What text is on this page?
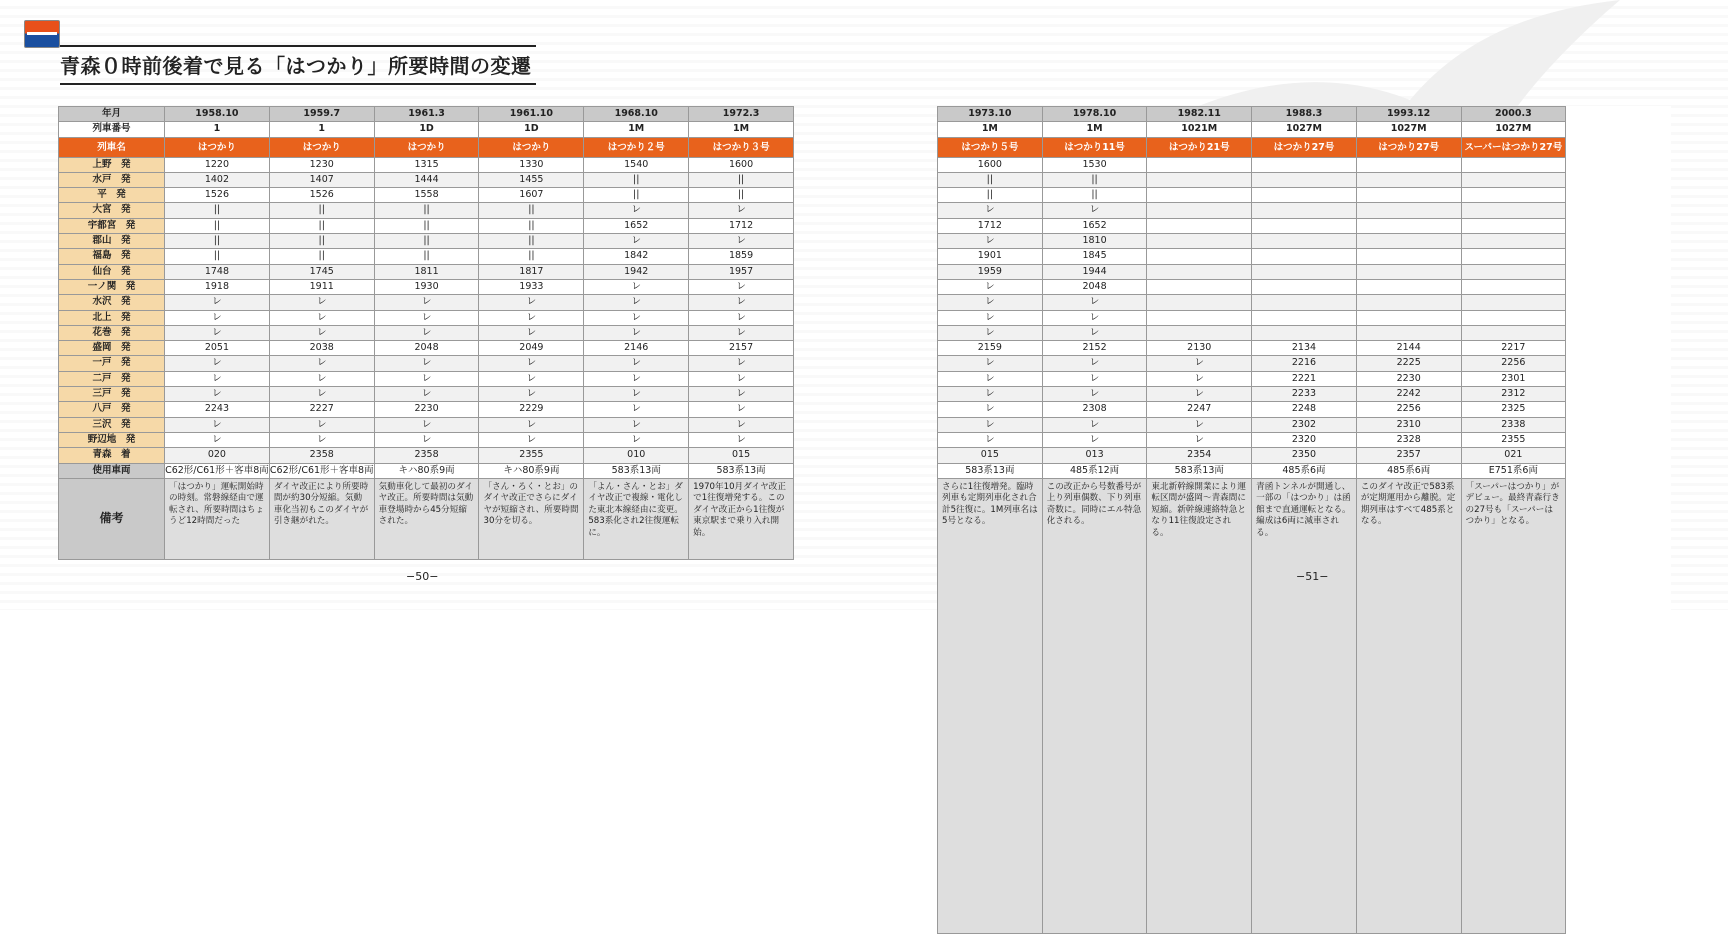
青森０時前後着で見る「はつかり」所要時間の変遷
年月	1958.10	1959.7	1961.3	1961.10	1968.10	1972.3
列車番号	1	1	1D	1D	1M	1M
列車名	はつかり	はつかり	はつかり	はつかり	はつかり２号	はつかり３号
上野　発	1220	1230	1315	1330	1540	1600
水戸　発	1402	1407	1444	1455	||	||
平　発	1526	1526	1558	1607	||	||
大宮　発	||	||	||	||	レ	レ
宇都宮　発	||	||	||	||	1652	1712
郡山　発	||	||	||	||	レ	レ
福島　発	||	||	||	||	1842	1859
仙台　発	1748	1745	1811	1817	1942	1957
一ノ関　発	1918	1911	1930	1933	レ	レ
水沢　発	レ	レ	レ	レ	レ	レ
北上　発	レ	レ	レ	レ	レ	レ
花巻　発	レ	レ	レ	レ	レ	レ
盛岡　発	2051	2038	2048	2049	2146	2157
一戸　発	レ	レ	レ	レ	レ	レ
二戸　発	レ	レ	レ	レ	レ	レ
三戸　発	レ	レ	レ	レ	レ	レ
八戸　発	2243	2227	2230	2229	レ	レ
三沢　発	レ	レ	レ	レ	レ	レ
野辺地　発	レ	レ	レ	レ	レ	レ
青森　着	020	2358	2358	2355	010	015
使用車両	C62形/C61形＋客車8両	C62形/C61形＋客車8両	キハ80系9両	キハ80系9両	583系13両	583系13両
備考	「はつかり」運転開始時の時刻。常磐線経由で運転され、所要時間はちょうど12時間だった	ダイヤ改正により所要時間が約30分短縮。気動車化当初もこのダイヤが引き継がれた。	気動車化して最初のダイヤ改正。所要時間は気動車登場時から45分短縮された。	「さん・ろく・とお」のダイヤ改正でさらにダイヤが短縮され、所要時間30分を切る。	「よん・さん・とお」ダイヤ改正で複線・電化した東北本線経由に変更。583系化され2往復運転に。	1970年10月ダイヤ改正で1往復増発する。このダイヤ改正から1往復が東京駅まで乗り入れ開始。
	1973.10	1978.10	1982.11	1988.3	1993.12	2000.3
	1M	1M	1021M	1027M	1027M	1027M
	はつかり５号	はつかり11号	はつかり21号	はつかり27号	はつかり27号	スーパーはつかり27号
	1600	1530				
	||	||				
	||	||				
	レ	レ				
	1712	1652				
	レ	1810				
	1901	1845				
	1959	1944				
	レ	2048				
	レ	レ				
	レ	レ				
	レ	レ				
	2159	2152	2130	2134	2144	2217
	レ	レ	レ	2216	2225	2256
	レ	レ	レ	2221	2230	2301
	レ	レ	レ	2233	2242	2312
	レ	2308	2247	2248	2256	2325
	レ	レ	レ	2302	2310	2338
	レ	レ	レ	2320	2328	2355
	015	013	2354	2350	2357	021
	583系13両	485系12両	583系13両	485系6両	485系6両	E751系6両
	さらに1往復増発。臨時列車も定期列車化され合計5往復に。1M列車名は5号となる。	この改正から号数番号が上り列車偶数、下り列車奇数に。同時にエル特急化される。	東北新幹線開業により運転区間が盛岡〜青森間に短縮。新幹線連絡特急となり11往復設定される。	青函トンネルが開通し、一部の「はつかり」は函館まで直通運転となる。編成は6両に減車される。	このダイヤ改正で583系が定期運用から離脱。定期列車はすべて485系となる。	「スーパーはつかり」がデビュー。最終青森行きの27号も「スーパーはつかり」となる。
−50−	−51−
